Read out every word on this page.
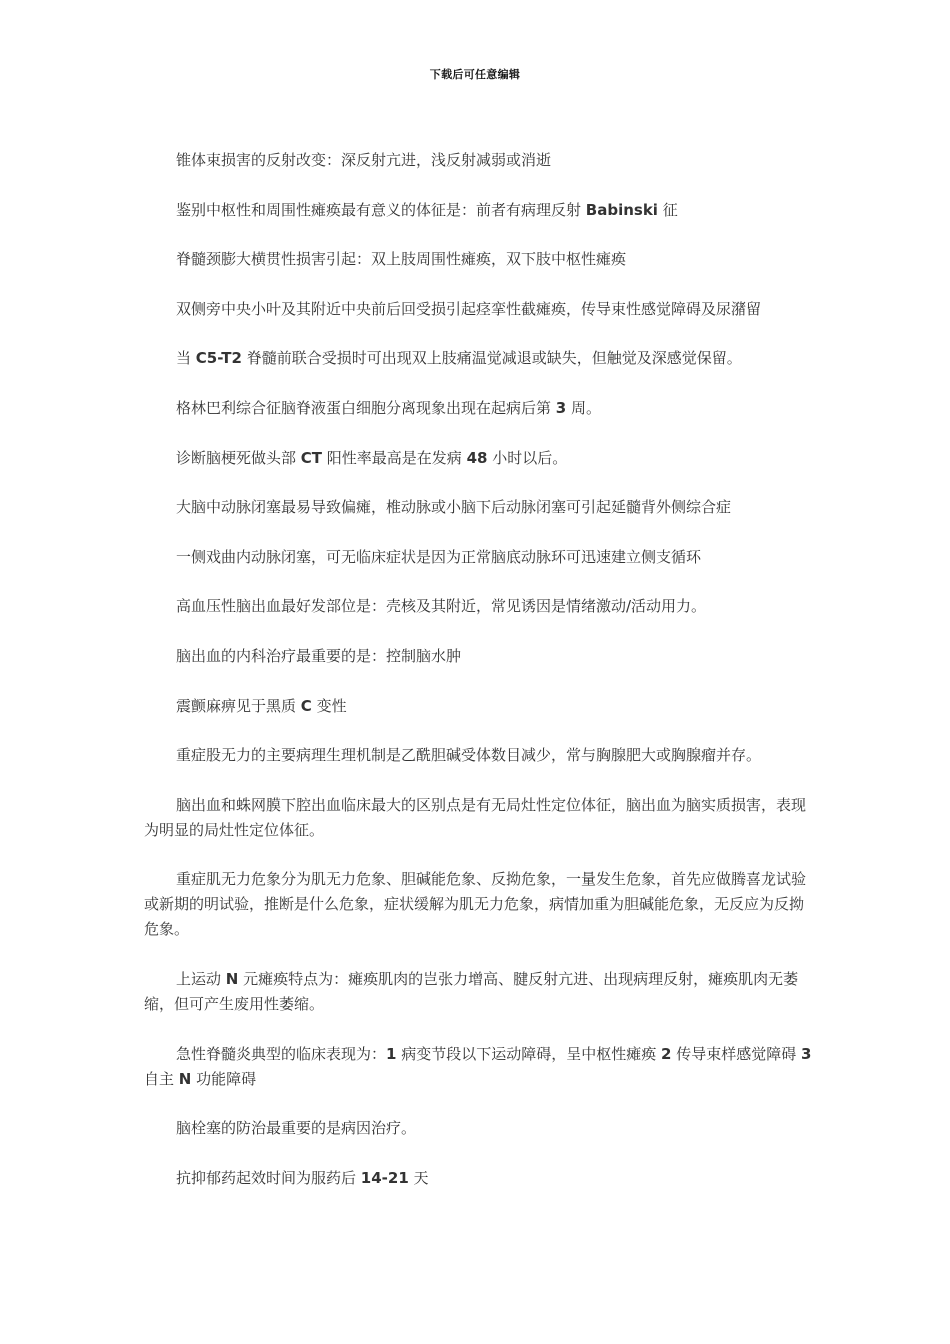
下载后可任意编辑

锥体束损害的反射改变：深反射亢进，浅反射减弱或消逝

鉴别中枢性和周围性瘫痪最有意义的体征是：前者有病理反射 Babinski 征

脊髓颈膨大横贯性损害引起：双上肢周围性瘫痪，双下肢中枢性瘫痪

双侧旁中央小叶及其附近中央前后回受损引起痉挛性截瘫痪，传导束性感觉障碍及尿潴留

当 C5-T2 脊髓前联合受损时可出现双上肢痛温觉减退或缺失，但触觉及深感觉保留。

格林巴利综合征脑脊液蛋白细胞分离现象出现在起病后第 3 周。

诊断脑梗死做头部 CT 阳性率最高是在发病 48 小时以后。

大脑中动脉闭塞最易导致偏瘫，椎动脉或小脑下后动脉闭塞可引起延髓背外侧综合症

一侧戏曲内动脉闭塞，可无临床症状是因为正常脑底动脉环可迅速建立侧支循环

高血压性脑出血最好发部位是：壳核及其附近，常见诱因是情绪激动/活动用力。

脑出血的内科治疗最重要的是：控制脑水肿

震颤麻痹见于黑质 C 变性

重症股无力的主要病理生理机制是乙酰胆碱受体数目减少，常与胸腺肥大或胸腺瘤并存。

脑出血和蛛网膜下腔出血临床最大的区别点是有无局灶性定位体征，脑出血为脑实质损害，表现为明显的局灶性定位体征。

重症肌无力危象分为肌无力危象、胆碱能危象、反拗危象，一量发生危象，首先应做腾喜龙试验或新期的明试验，推断是什么危象，症状缓解为肌无力危象，病情加重为胆碱能危象，无反应为反拗危象。

上运动 N 元瘫痪特点为：瘫痪肌肉的岂张力增高、腱反射亢进、出现病理反射，瘫痪肌肉无萎缩，但可产生废用性萎缩。

急性脊髓炎典型的临床表现为：1 病变节段以下运动障碍，呈中枢性瘫痪 2 传导束样感觉障碍 3 自主 N 功能障碍

脑栓塞的防治最重要的是病因治疗。

抗抑郁药起效时间为服药后 14-21 天
